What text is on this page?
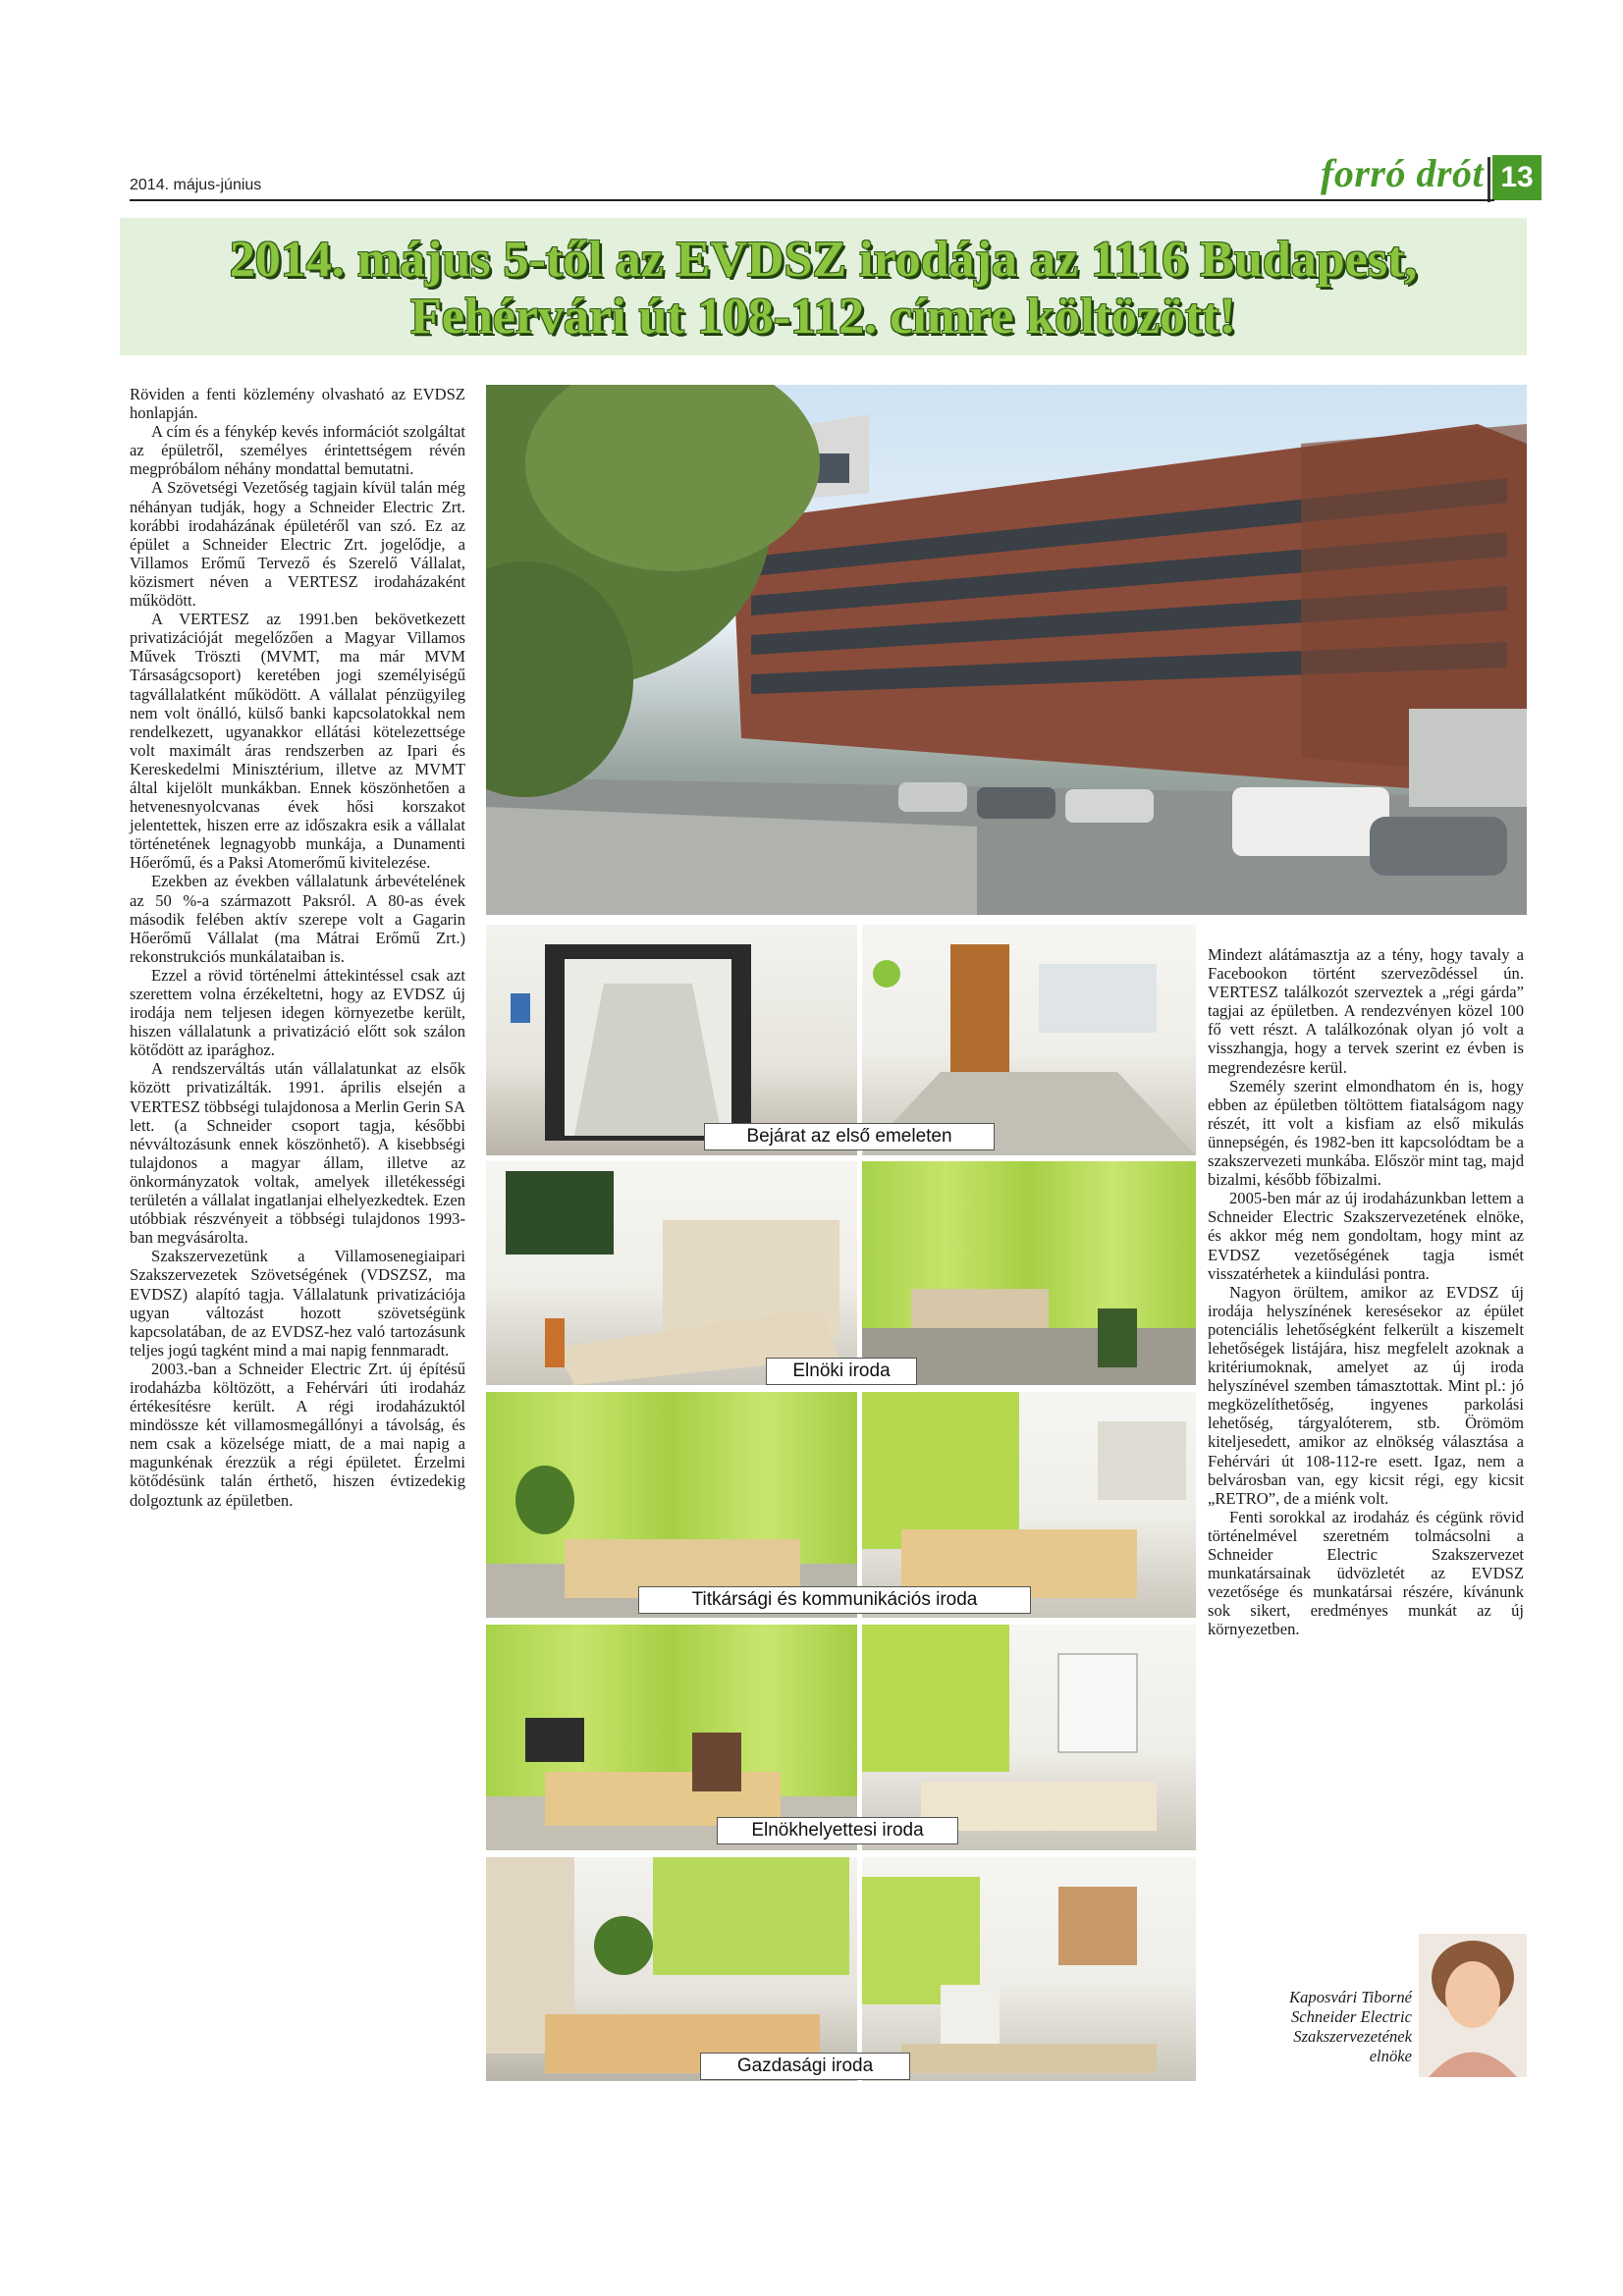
2014. május-június	forró drót 13
2014. május 5-től az EVDSZ irodája az 1116 Budapest,
Fehérvári út 108-112. címre költözött!

Röviden a fenti közlemény olvasható az EVDSZ honlapján.

A cím és a fénykép kevés információt szolgáltat az épületről, személyes érintettségem révén megpróbálom néhány mondattal bemutatni.

A Szövetségi Vezetőség tagjain kívül talán még néhányan tudják, hogy a Schneider Electric Zrt. korábbi irodaházának épületéről van szó. Ez az épület a Schneider Electric Zrt. jogelődje, a Villamos Erőmű Tervező és Szerelő Vállalat, közismert néven a VERTESZ irodaházaként működött.

A VERTESZ az 1991.ben bekövetkezett privatizációját megelőzően a Magyar Villamos Művek Tröszti (MVMT, ma már MVM Társaságcsoport) keretében jogi személyiségű tagvállalatként működött. A vállalat pénzügyileg nem volt önálló, külső banki kapcsolatokkal nem rendelkezett, ugyanakkor ellátási kötelezettsége volt maximált áras rendszerben az Ipari és Kereskedelmi Minisztérium, illetve az MVMT által kijelölt munkákban. Ennek köszönhetően a hetvenesnyolcvanas évek hősi korszakot jelentettek, hiszen erre az időszakra esik a vállalat történetének legnagyobb munkája, a Dunamenti Hőerőmű, és a Paksi Atomerőmű kivitelezése.

Ezekben az években vállalatunk árbevételének az 50 %-a származott Paksról. A 80-as évek második felében aktív szerepe volt a Gagarin Hőerőmű Vállalat (ma Mátrai Erőmű Zrt.) rekonstrukciós munkálataiban is.

Ezzel a rövid történelmi áttekintéssel csak azt szerettem volna érzékeltetni, hogy az EVDSZ új irodája nem teljesen idegen környezetbe került, hiszen vállalatunk a privatizáció előtt sok szálon kötődött az iparághoz.

A rendszerváltás után vállalatunkat az elsők között privatizálták. 1991. április elsején a VERTESZ többségi tulajdonosa a Merlin Gerin SA lett. (a Schneider csoport tagja, későbbi névváltozásunk ennek köszönhető). A kisebbségi tulajdonos a magyar állam, illetve az önkormányzatok voltak, amelyek illetékességi területén a vállalat ingatlanjai elhelyezkedtek. Ezen utóbbiak részvényeit a többségi tulajdonos 1993-ban megvásárolta.

Szakszervezetünk a Villamosenegiaipari Szakszervezetek Szövetségének (VDSZSZ, ma EVDSZ) alapító tagja. Vállalatunk privatizációja ugyan változást hozott szövetségünk kapcsolatában, de az EVDSZ-hez való tartozásunk teljes jogú tagként mind a mai napig fennmaradt.

2003.-ban a Schneider Electric Zrt. új építésű irodaházba költözött, a Fehérvári úti irodaház értékesítésre került. A régi irodaházuktól mindössze két villamosmegállónyi a távolság, és nem csak a közelsége miatt, de a mai napig a magunkénak érezzük a régi épületet. Érzelmi kötődésünk talán érthető, hiszen évtizedekig dolgoztunk az épületben.

Bejárat az első emeleten
Elnöki iroda
Titkársági és kommunikációs iroda
Elnökhelyettesi iroda
Gazdasági iroda

Mindezt alátámasztja az a tény, hogy tavaly a Facebookon történt szervezõdéssel ún. VERTESZ találkozót szerveztek a „régi gárda” tagjai az épületben. A rendezvényen közel 100 fő vett részt. A találkozónak olyan jó volt a visszhangja, hogy a tervek szerint ez évben is megrendezésre kerül.

Személy szerint elmondhatom én is, hogy ebben az épületben töltöttem fiatalságom nagy részét, itt volt a kisfiam az első mikulás ünnepségén, és 1982-ben itt kapcsolódtam be a szakszervezeti munkába. Először mint tag, majd bizalmi, később főbizalmi.

2005-ben már az új irodaházunkban lettem a Schneider Electric Szakszervezetének elnöke, és akkor még nem gondoltam, hogy mint az EVDSZ vezetőségének tagja ismét visszatérhetek a kiindulási pontra.

Nagyon örültem, amikor az EVDSZ új irodája helyszínének keresésekor az épület potenciális lehetőségként felkerült a kiszemelt lehetőségek listájára, hisz megfelelt azoknak a kritériumoknak, amelyet az új iroda helyszínével szemben támasztottak. Mint pl.: jó megközelíthetőség, ingyenes parkolási lehetőség, tárgyalóterem, stb. Örömöm kiteljesedett, amikor az elnökség választása a Fehérvári út 108-112-re esett. Igaz, nem a belvárosban van, egy kicsit régi, egy kicsit „RETRO”, de a miénk volt.

Fenti sorokkal az irodaház és cégünk rövid történelmével szeretném tolmácsolni a Schneider Electric Szakszervezet munkatársainak üdvözletét az EVDSZ vezetősége és munkatársai részére, kívánunk sok sikert, eredményes munkát az új környezetben.

Kaposvári Tiborné
Schneider Electric
Szakszervezetének
elnöke
